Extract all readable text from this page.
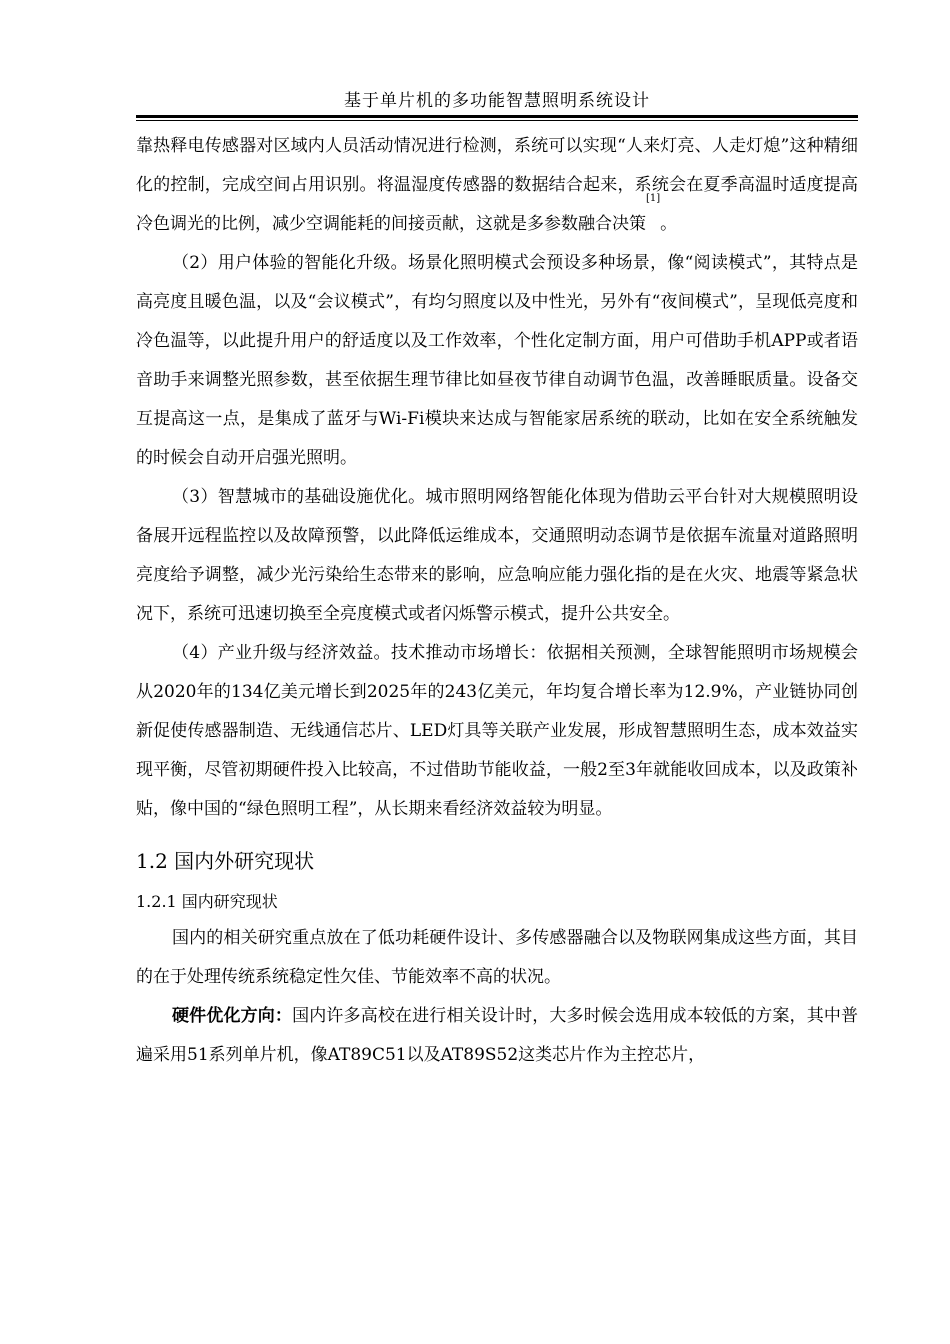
基于单片机的多功能智慧照明系统设计

靠热释电传感器对区域内人员活动情况进行检测，系统可以实现“人来灯亮、人走灯熄”这种精细化的控制，完成空间占用识别。将温湿度传感器的数据结合起来，系统会在夏季高温时适度提高冷色调光的比例，减少空调能耗的间接贡献，这就是多参数融合决策[1]。

（2）用户体验的智能化升级。场景化照明模式会预设多种场景，像“阅读模式”，其特点是高亮度且暖色温，以及“会议模式”，有均匀照度以及中性光，另外有“夜间模式”，呈现低亮度和冷色温等，以此提升用户的舒适度以及工作效率，个性化定制方面，用户可借助手机APP或者语音助手来调整光照参数，甚至依据生理节律比如昼夜节律自动调节色温，改善睡眠质量。设备交互提高这一点，是集成了蓝牙与Wi-Fi模块来达成与智能家居系统的联动，比如在安全系统触发的时候会自动开启强光照明。

（3）智慧城市的基础设施优化。城市照明网络智能化体现为借助云平台针对大规模照明设备展开远程监控以及故障预警，以此降低运维成本，交通照明动态调节是依据车流量对道路照明亮度给予调整，减少光污染给生态带来的影响，应急响应能力强化指的是在火灾、地震等紧急状况下，系统可迅速切换至全亮度模式或者闪烁警示模式，提升公共安全。

（4）产业升级与经济效益。技术推动市场增长：依据相关预测，全球智能照明市场规模会从2020年的134亿美元增长到2025年的243亿美元，年均复合增长率为12.9%，产业链协同创新促使传感器制造、无线通信芯片、LED灯具等关联产业发展，形成智慧照明生态，成本效益实现平衡，尽管初期硬件投入比较高，不过借助节能收益，一般2至3年就能收回成本，以及政策补贴，像中国的“绿色照明工程”，从长期来看经济效益较为明显。

1.2 国内外研究现状
1.2.1 国内研究现状

国内的相关研究重点放在了低功耗硬件设计、多传感器融合以及物联网集成这些方面，其目的在于处理传统系统稳定性欠佳、节能效率不高的状况。

硬件优化方向：国内许多高校在进行相关设计时，大多时候会选用成本较低的方案，其中普遍采用51系列单片机，像AT89C51以及AT89S52这类芯片作为主控芯片，
